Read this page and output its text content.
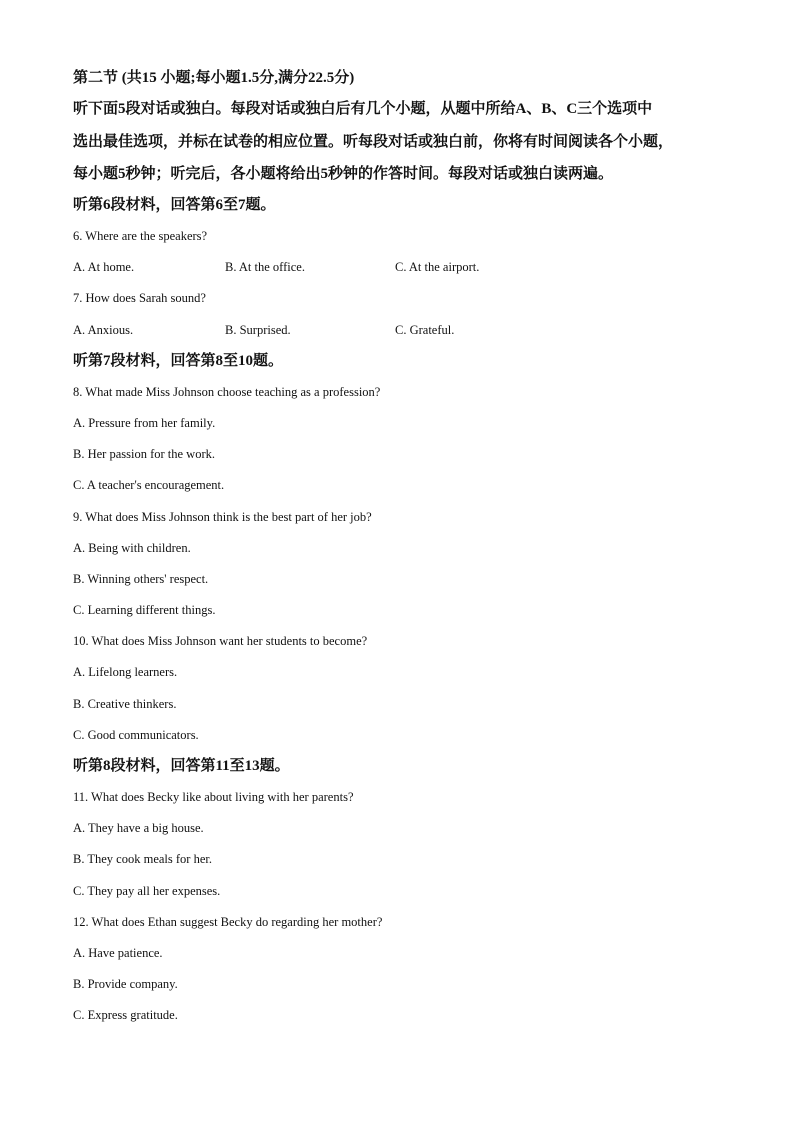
第二节 (共15 小题;每小题1.5分,满分22.5分)

听下面5段对话或独白。每段对话或独白后有几个小题，从题中所给A、B、C三个选项中

选出最佳选项，并标在试卷的相应位置。听每段对话或独白前，你将有时间阅读各个小题，

每小题5秒钟；听完后，各小题将给出5秒钟的作答时间。每段对话或独白读两遍。

听第6段材料，回答第6至7题。

6. Where are the speakers?

A. At home.	B. At the office.	C. At the airport.

7. How does Sarah sound?

A. Anxious.	B. Surprised.	C. Grateful.

听第7段材料，回答第8至10题。

8. What made Miss Johnson choose teaching as a profession?

A. Pressure from her family.

B. Her passion for the work.

C. A teacher's encouragement.

9. What does Miss Johnson think is the best part of her job?

A. Being with children.

B. Winning others' respect.

C. Learning different things.

10. What does Miss Johnson want her students to become?

A. Lifelong learners.

B. Creative thinkers.

C. Good communicators.

听第8段材料，回答第11至13题。

11. What does Becky like about living with her parents?

A. They have a big house.

B. They cook meals for her.

C. They pay all her expenses.

12. What does Ethan suggest Becky do regarding her mother?

A. Have patience.

B. Provide company.

C. Express gratitude.
